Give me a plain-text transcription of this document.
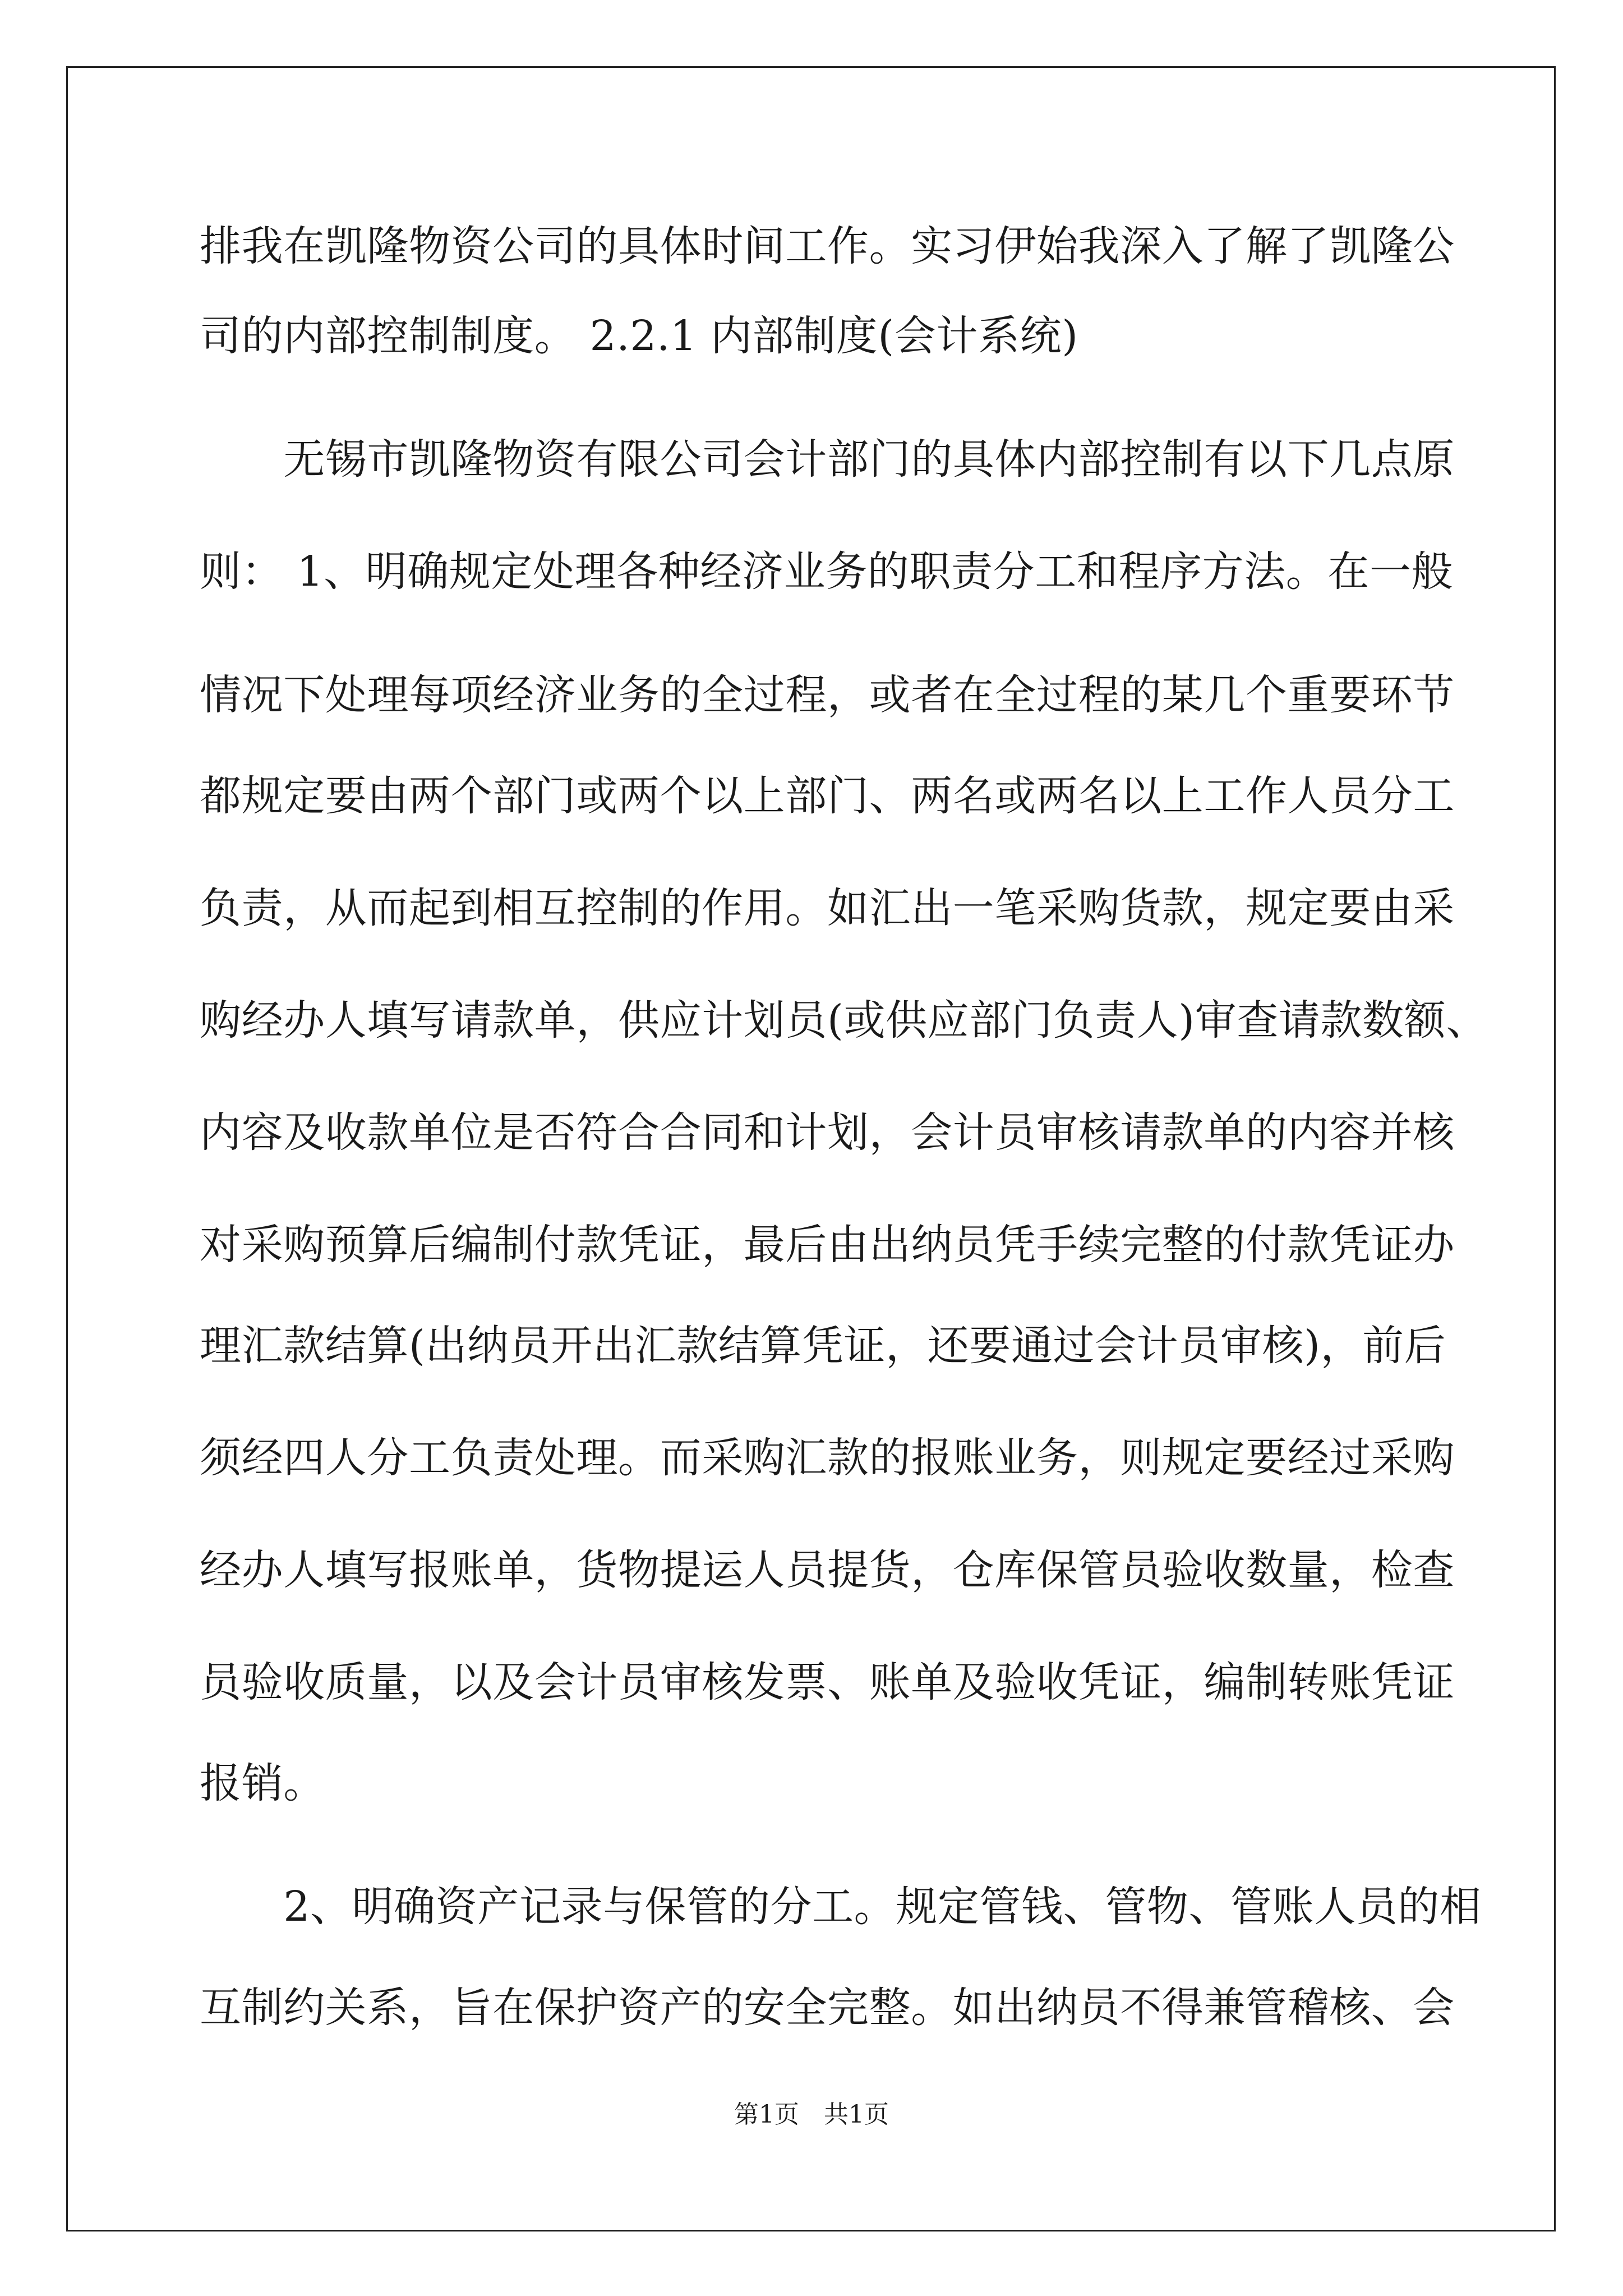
排我在凯隆物资公司的具体时间工作。实习伊始我深入了解了凯隆公
司的内部控制制度。 2.2.1 内部制度(会计系统)
　　无锡市凯隆物资有限公司会计部门的具体内部控制有以下几点原
则： 1、明确规定处理各种经济业务的职责分工和程序方法。在一般
情况下处理每项经济业务的全过程，或者在全过程的某几个重要环节
都规定要由两个部门或两个以上部门、两名或两名以上工作人员分工
负责，从而起到相互控制的作用。如汇出一笔采购货款，规定要由采
购经办人填写请款单，供应计划员(或供应部门负责人)审查请款数额、
内容及收款单位是否符合合同和计划，会计员审核请款单的内容并核
对采购预算后编制付款凭证，最后由出纳员凭手续完整的付款凭证办
理汇款结算(出纳员开出汇款结算凭证，还要通过会计员审核)，前后
须经四人分工负责处理。而采购汇款的报账业务，则规定要经过采购
经办人填写报账单，货物提运人员提货，仓库保管员验收数量，检查
员验收质量，以及会计员审核发票、账单及验收凭证，编制转账凭证
报销。
　　2、明确资产记录与保管的分工。规定管钱、管物、管账人员的相
互制约关系，旨在保护资产的安全完整。如出纳员不得兼管稽核、会
第1页　共1页
